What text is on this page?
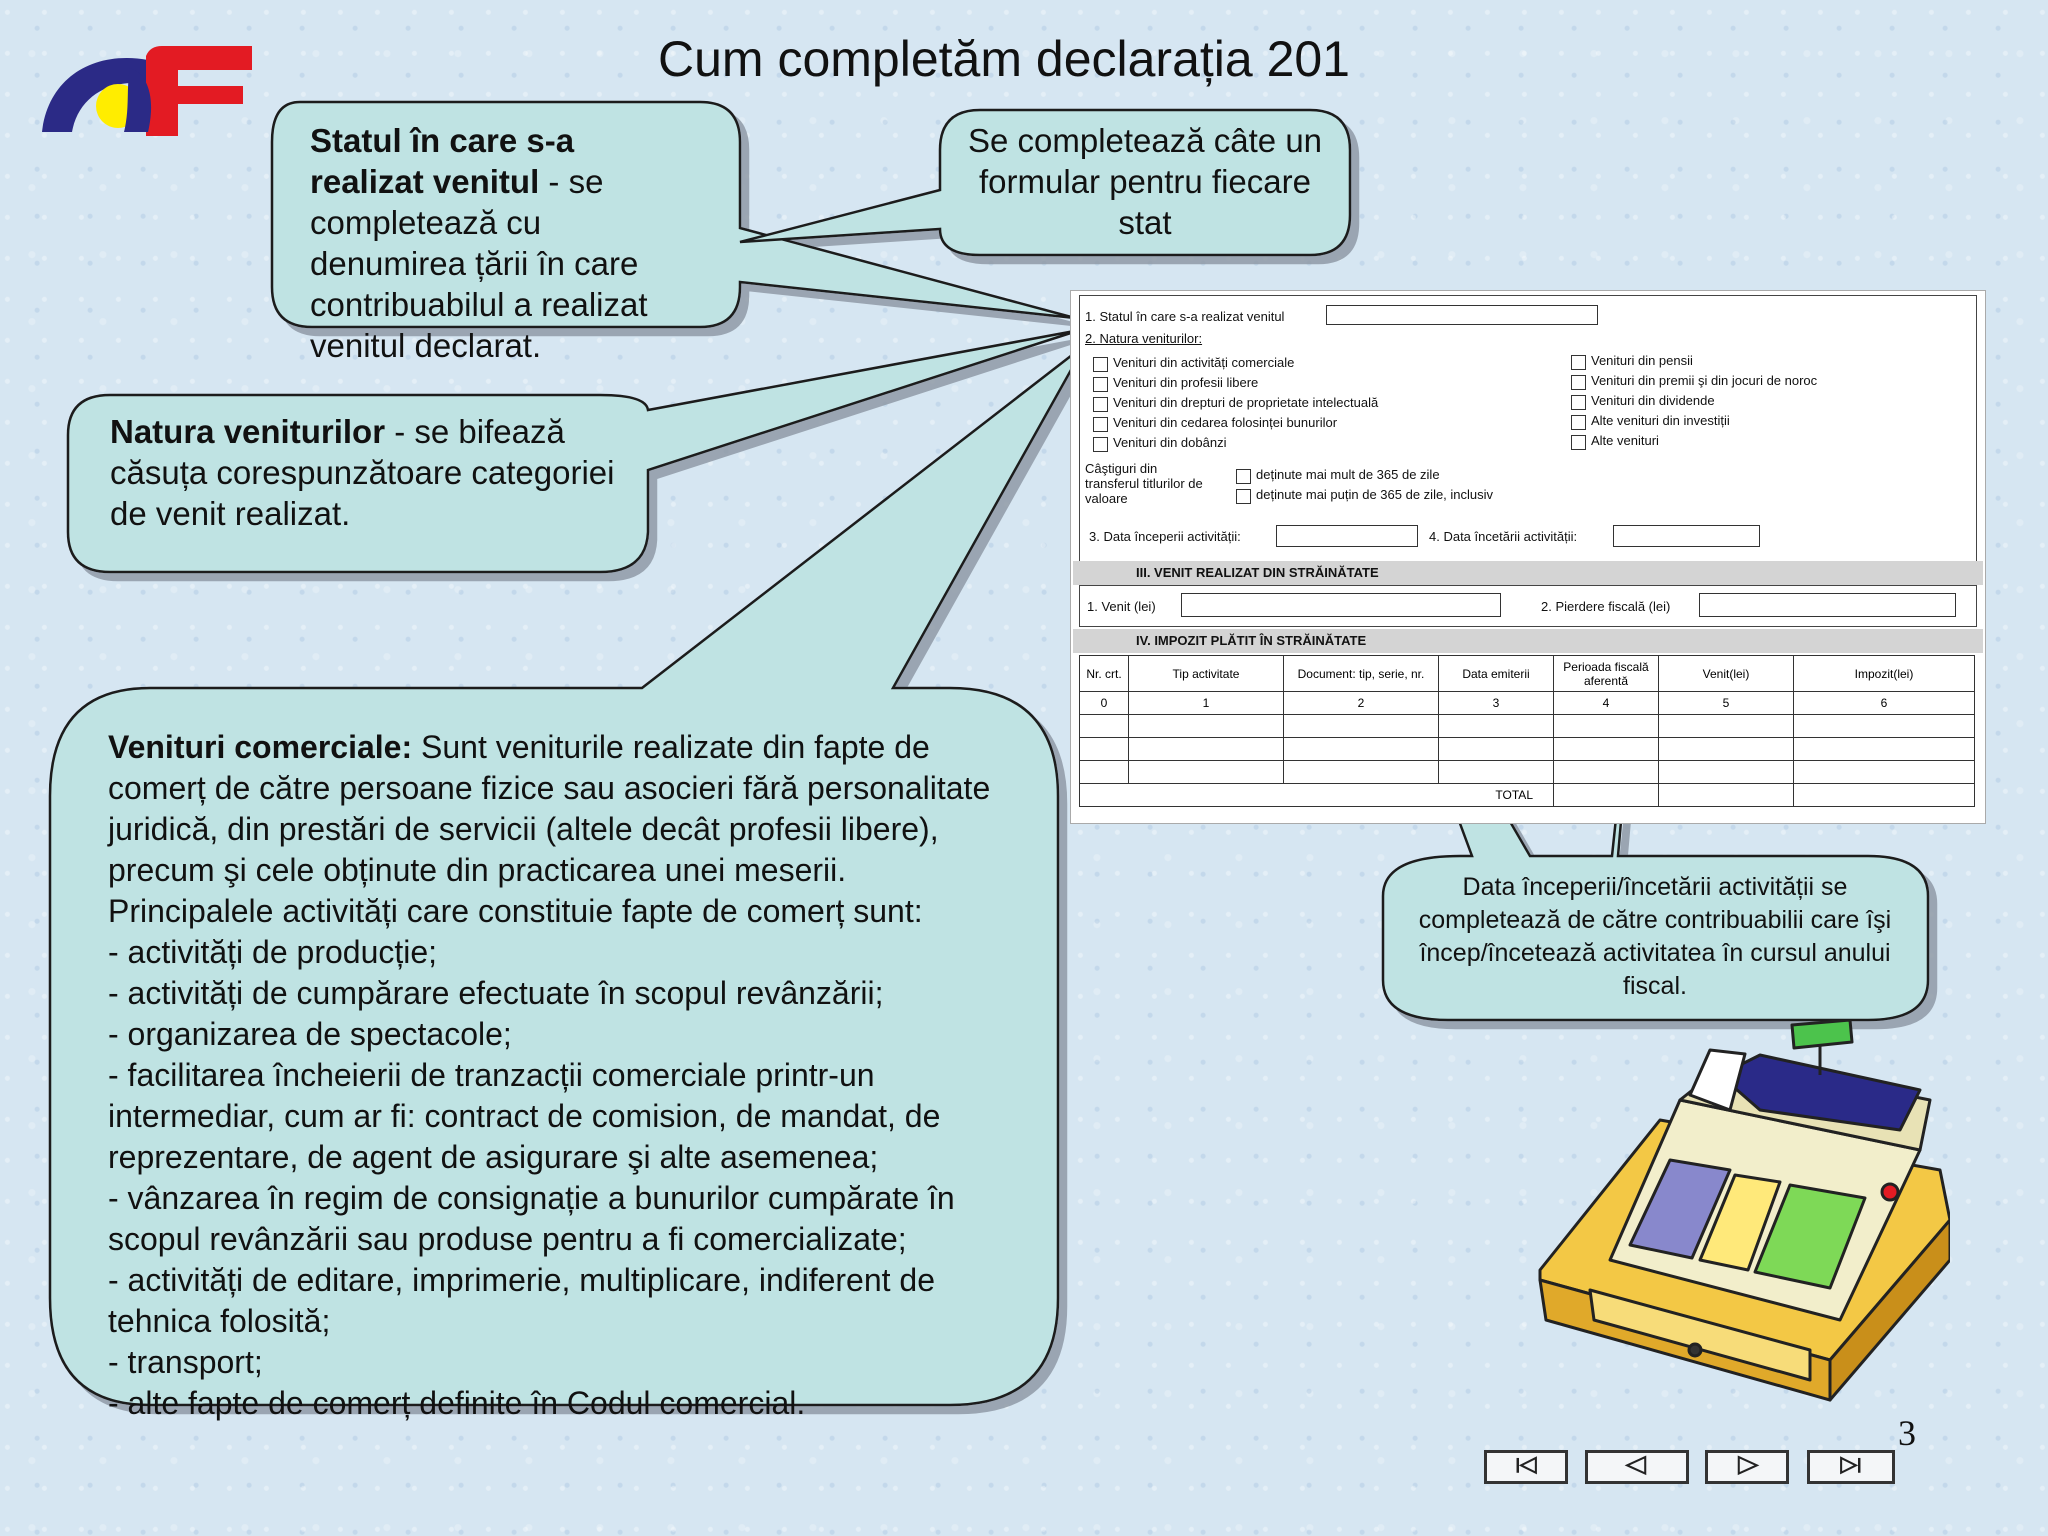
Cum completăm declarația 201
Statul în care s-a realizat venitul - se completează cu denumirea țării în care contribuabilul a realizat venitul declarat.
Se completează câte un formular pentru fiecare stat
Natura veniturilor - se bifează căsuța corespunzătoare categoriei de venit realizat.
Venituri comerciale: Sunt veniturile realizate din fapte de comerț de către persoane fizice sau asocieri fără personalitate juridică, din prestări de servicii (altele decât profesii libere), precum şi cele obținute din practicarea unei meserii. Principalele activități care constituie fapte de comerț sunt:
- activități de producție;
- activități de cumpărare efectuate în scopul revânzării;
- organizarea de spectacole;
- facilitarea încheierii de tranzacții comerciale printr-un intermediar, cum ar fi: contract de comision, de mandat, de reprezentare, de agent de asigurare şi alte asemenea;
- vânzarea în regim de consignație a bunurilor cumpărate în scopul revânzării sau produse pentru a fi comercializate;
- activități de editare, imprimerie, multiplicare, indiferent de tehnica folosită;
- transport;
- alte fapte de comerț definite în Codul comercial.
Data începerii/încetării activității se completează de către contribuabilii care îşi încep/încetează activitatea în cursul anului fiscal.
1. Statul în care s-a realizat venitul
2. Natura veniturilor:
Venituri din activități comerciale
Venituri din profesii libere
Venituri din drepturi de proprietate intelectuală
Venituri din cedarea folosinței bunurilor
Venituri din dobânzi
Venituri din pensii
Venituri din premii şi din jocuri de noroc
Venituri din dividende
Alte venituri din investiții
Alte venituri
Câştiguri din transferul titlurilor de valoare
deținute mai mult de 365 de zile
deținute mai puțin de 365 de zile, inclusiv
3. Data începerii activității:	4. Data încetării activității:
III. VENIT REALIZAT DIN STRĂINĂTATE
1. Venit (lei)	2. Pierdere fiscală (lei)
IV. IMPOZIT PLĂTIT ÎN STRĂINĂTATE
Nr. crt.	Tip activitate	Document: tip, serie, nr.	Data emiterii	Perioada fiscală aferentă	Venit(lei)	Impozit(lei)
0	1	2	3	4	5	6

TOTAL						
3
